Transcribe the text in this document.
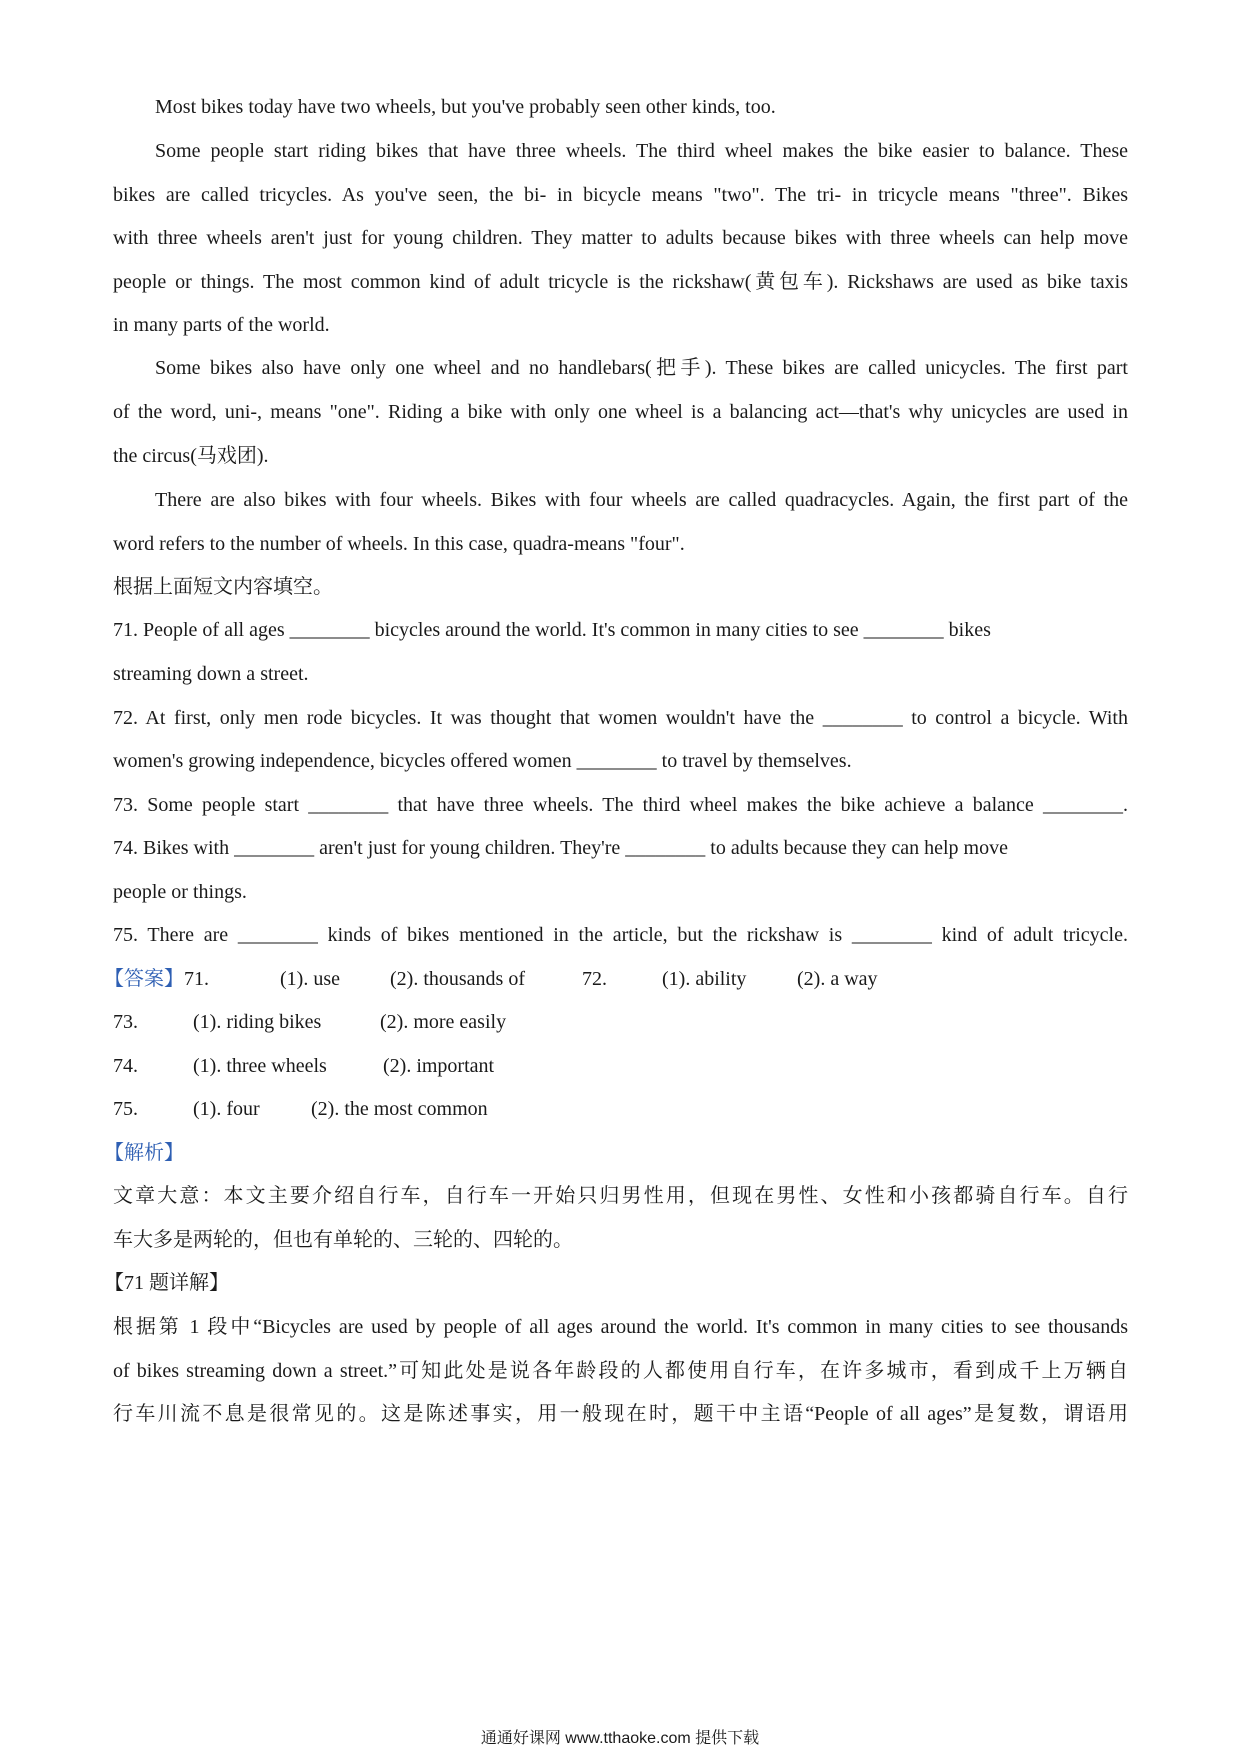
Most bikes today have two wheels, but you've probably seen other kinds, too.
Some people start riding bikes that have three wheels. The third wheel makes the bike easier to balance. These
bikes are called tricycles. As you've seen, the bi- in bicycle means "two". The tri- in tricycle means "three". Bikes
with three wheels aren't just for young children. They matter to adults because bikes with three wheels can help move
people or things. The most common kind of adult tricycle is the rickshaw(黄包车). Rickshaws are used as bike taxis
in many parts of the world.
Some bikes also have only one wheel and no handlebars(把手). These bikes are called unicycles. The first part
of the word, uni-, means "one". Riding a bike with only one wheel is a balancing act—that's why unicycles are used in
the circus(马戏团).
There are also bikes with four wheels. Bikes with four wheels are called quadracycles. Again, the first part of the
word refers to the number of wheels. In this case, quadra-means "four".
根据上面短文内容填空。
71. People of all ages ________ bicycles around the world. It's common in many cities to see ________ bikes
streaming down a street.
72. At first, only men rode bicycles. It was thought that women wouldn't have the ________ to control a bicycle. With
women's growing independence, bicycles offered women ________ to travel by themselves.
73. Some people start ________ that have three wheels. The third wheel makes the bike achieve a balance ________.
74. Bikes with ________ aren't just for young children. They're ________ to adults because they can help move
people or things.
75. There are ________ kinds of bikes mentioned in the article, but the rickshaw is ________ kind of adult tricycle.
【答案】 71.	(1). use	(2). thousands of	72.	(1). ability	(2). a way
73.	(1). riding bikes	(2). more easily
74.	(1). three wheels	(2). important
75.	(1). four	(2). the most common
【解析】
文章大意：本文主要介绍自行车，自行车一开始只归男性用，但现在男性、女性和小孩都骑自行车。自行
车大多是两轮的，但也有单轮的、三轮的、四轮的。
【71 题详解】
根据第 1 段中“Bicycles are used by people of all ages around the world. It's common in many cities to see thousands
of bikes streaming down a street.”可知此处是说各年龄段的人都使用自行车，在许多城市，看到成千上万辆自
行车川流不息是很常见的。这是陈述事实，用一般现在时，题干中主语“People of all ages”是复数，谓语用
通通好课网 www.tthaoke.com 提供下载
